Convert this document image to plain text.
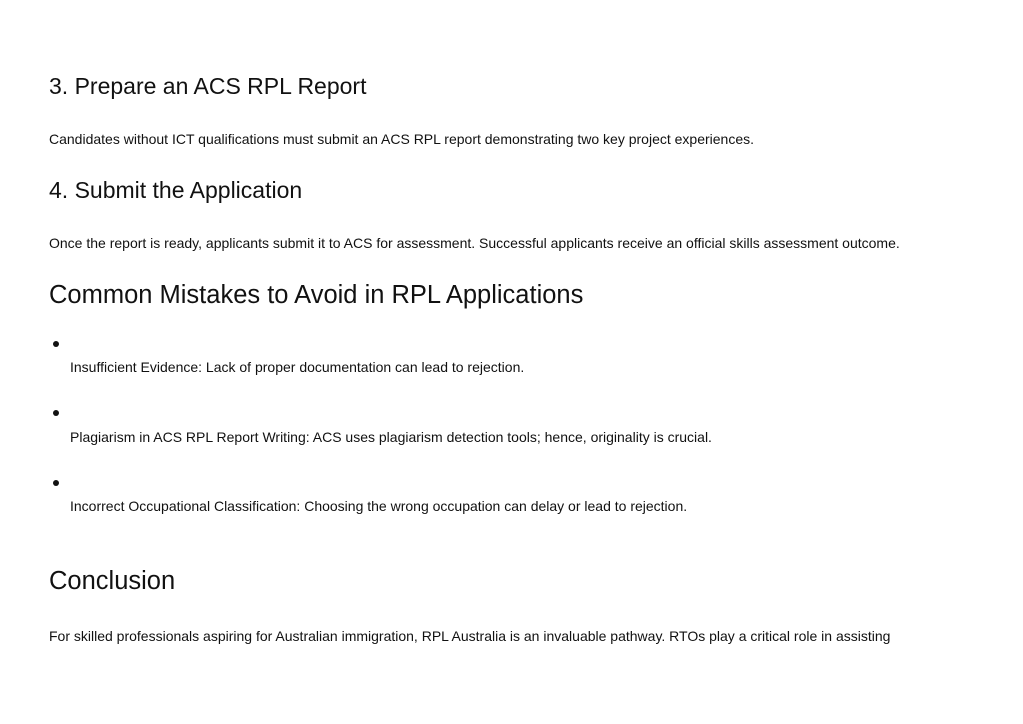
3. Prepare an ACS RPL Report

Candidates without ICT qualifications must submit an ACS RPL report demonstrating two key project experiences.

4. Submit the Application

Once the report is ready, applicants submit it to ACS for assessment. Successful applicants receive an official skills assessment outcome.

Common Mistakes to Avoid in RPL Applications

Insufficient Evidence: Lack of proper documentation can lead to rejection.

Plagiarism in ACS RPL Report Writing: ACS uses plagiarism detection tools; hence, originality is crucial.

Incorrect Occupational Classification: Choosing the wrong occupation can delay or lead to rejection.

Conclusion

For skilled professionals aspiring for Australian immigration, RPL Australia is an invaluable pathway. RTOs play a critical role in assisting
